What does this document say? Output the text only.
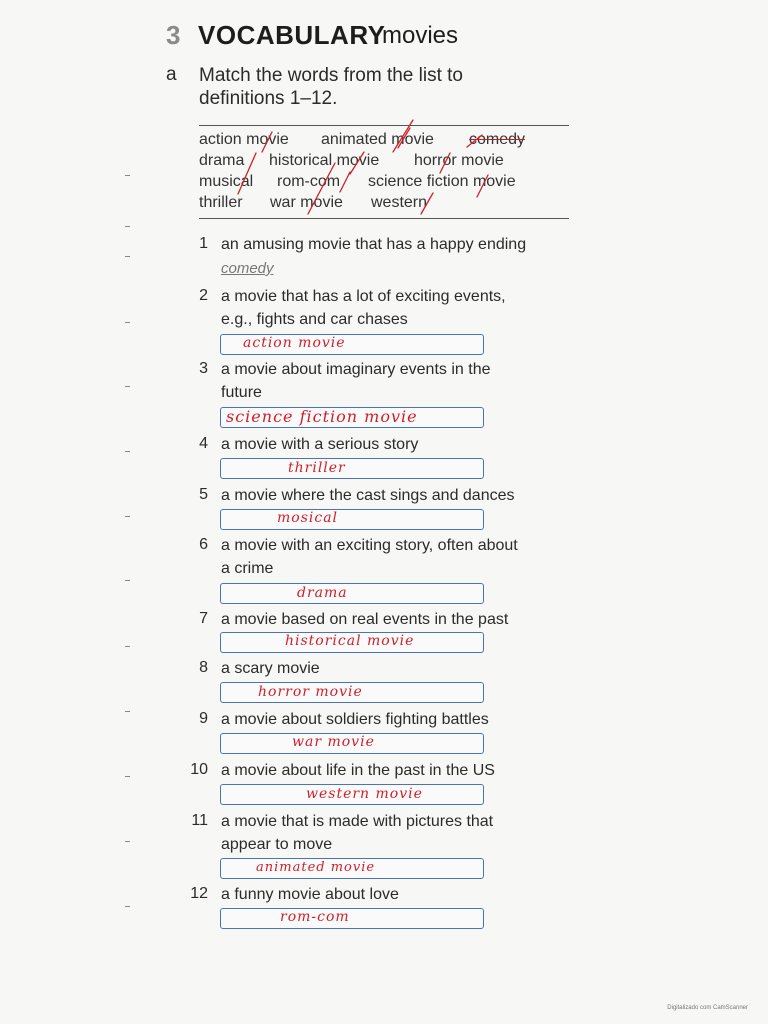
3 VOCABULARY
movies
a Match the words from the list to definitions 1–12.
action movie animated movie comedy
drama historical movie horror movie
musical rom-com science fiction movie
thriller war movie western
1 an amusing movie that has a happy ending
comedy
2 a movie that has a lot of exciting events,
e.g., fights and car chases
action movie
3 a movie about imaginary events in the
future
science fiction movie
4 a movie with a serious story
thriller
5 a movie where the cast sings and dances
mosical
6 a movie with an exciting story, often about
a crime
drama
7 a movie based on real events in the past
historical movie
8 a scary movie
horror movie
9 a movie about soldiers fighting battles
war movie
10 a movie about life in the past in the US
western movie
11 a movie that is made with pictures that
appear to move
animated movie
12 a funny movie about love
rom-com
Digitalizado com CamScanner
